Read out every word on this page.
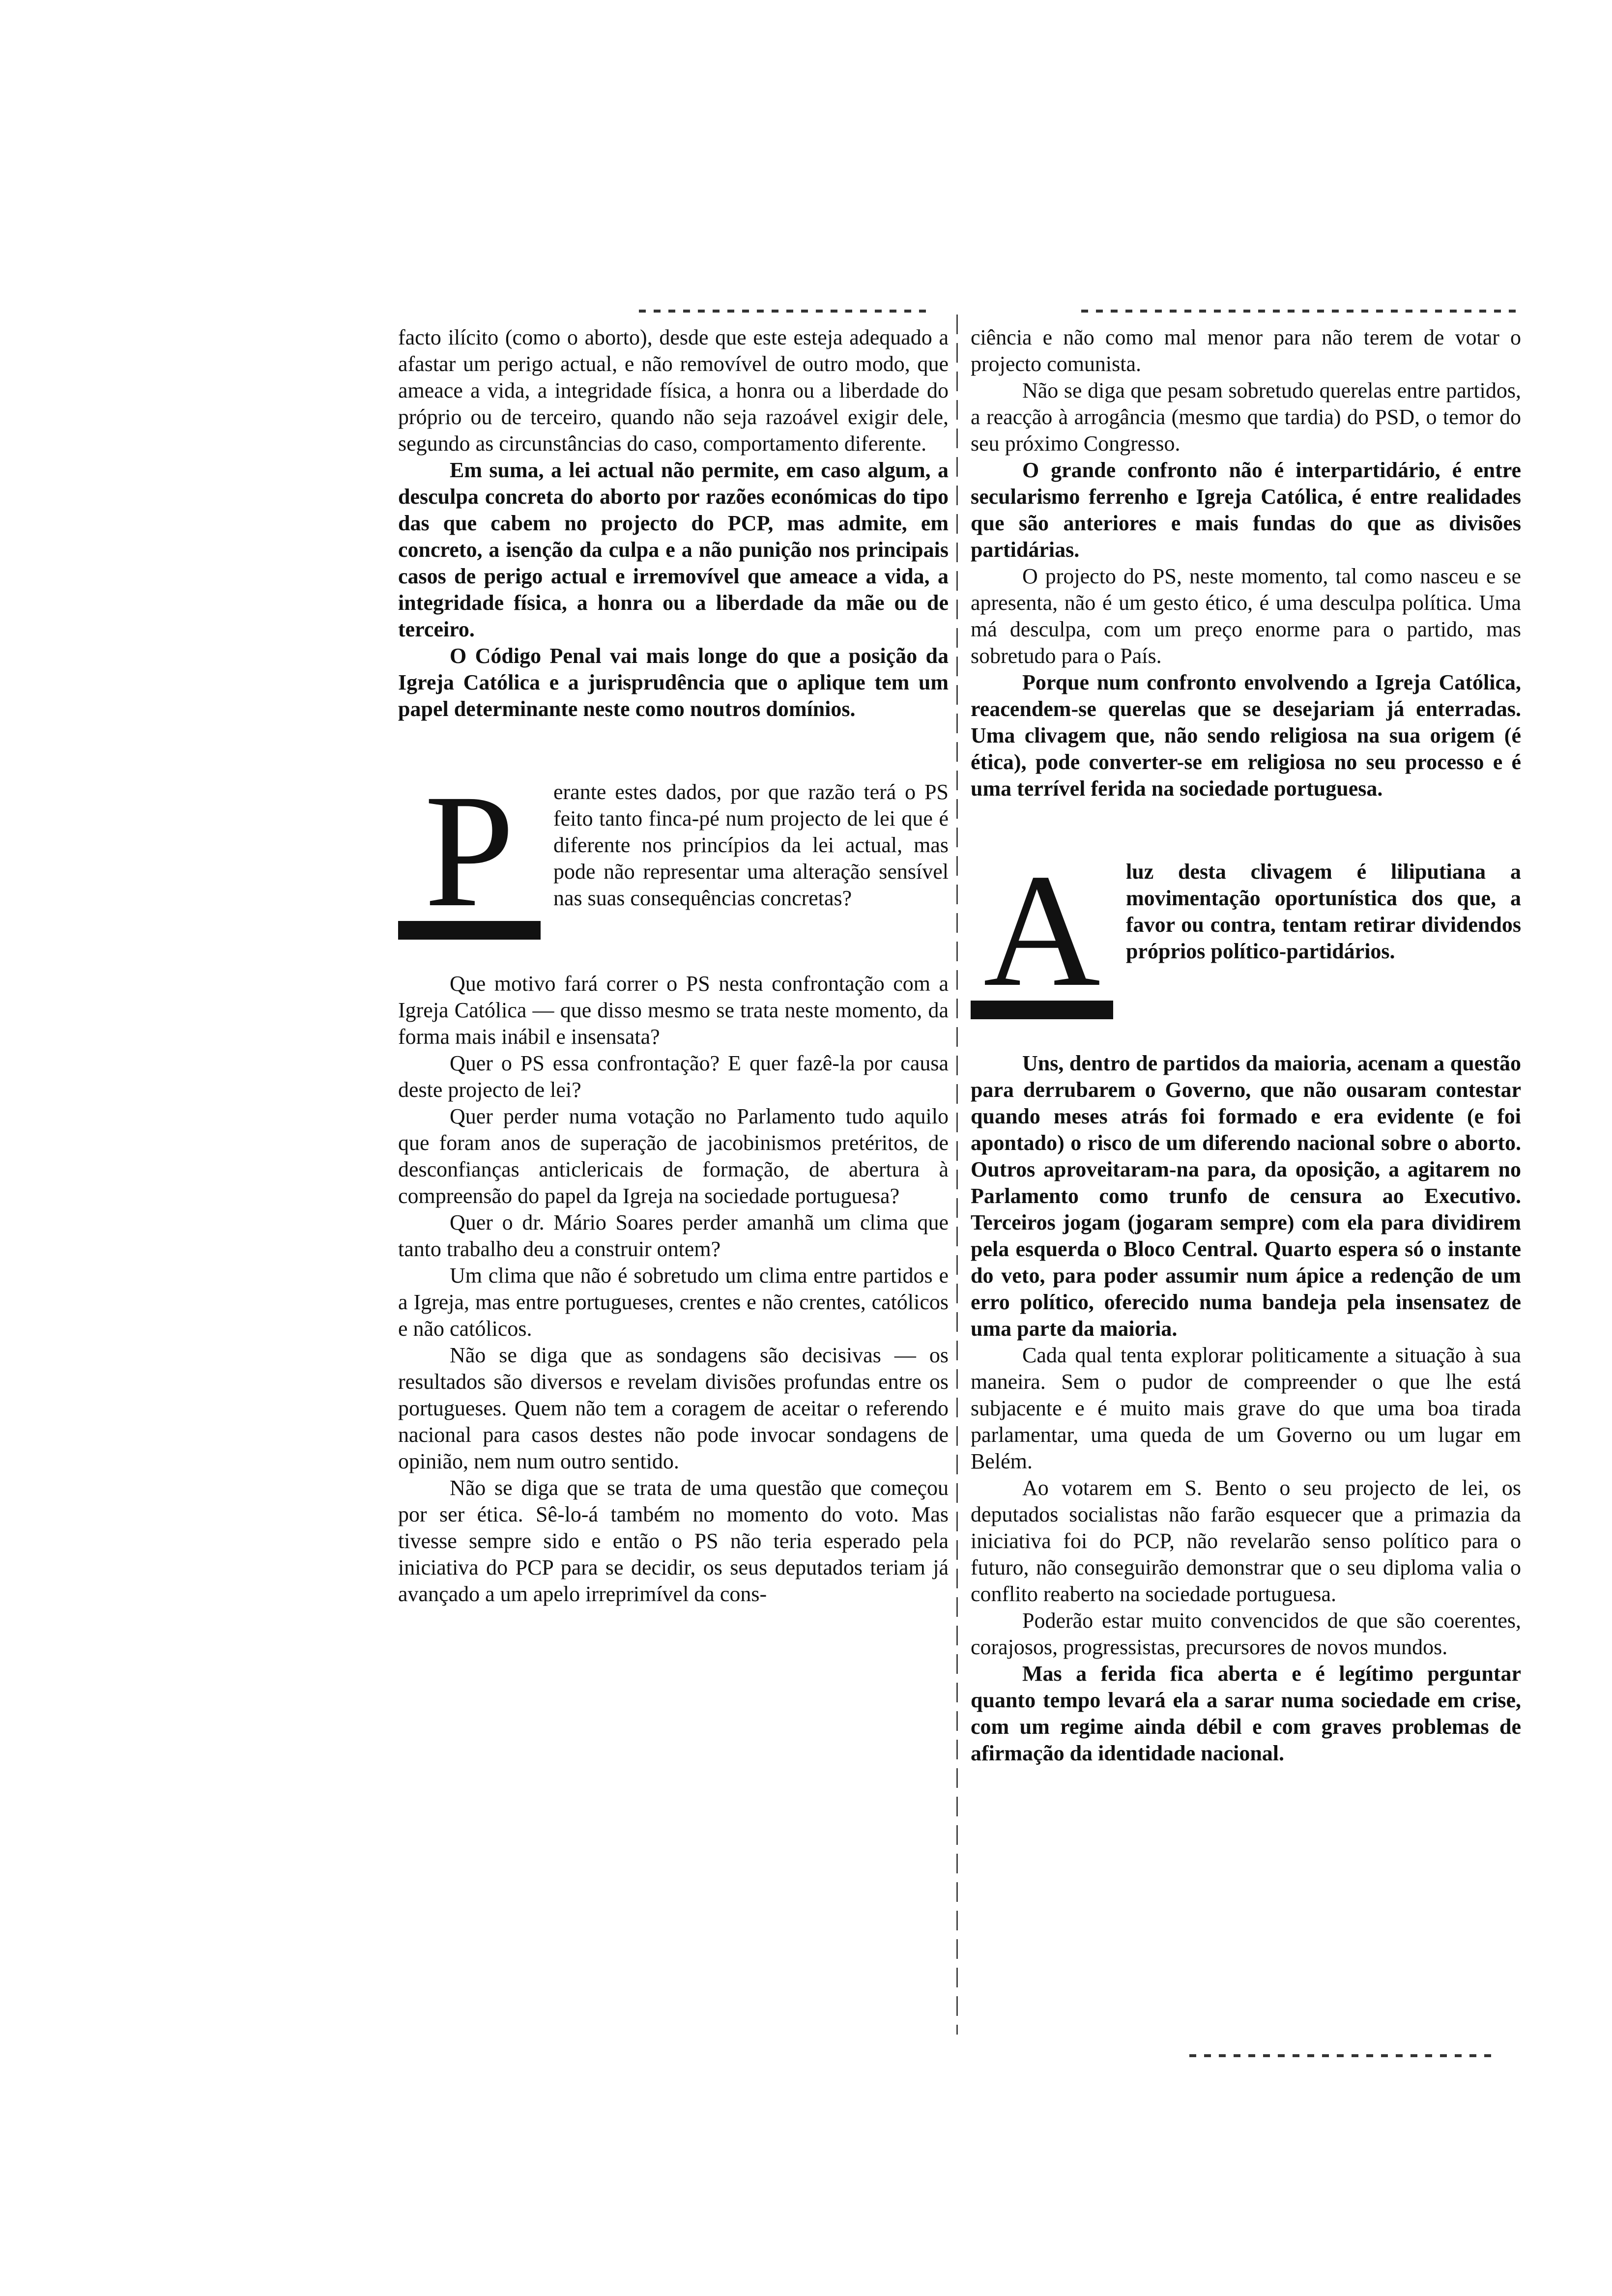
facto ilícito (como o aborto), desde que este esteja adequado a afastar um perigo actual, e não removível de outro modo, que ameace a vida, a integridade física, a honra ou a liberdade do próprio ou de terceiro, quando não seja razoável exigir dele, segundo as circunstâncias do caso, comportamento diferente.

Em suma, a lei actual não permite, em caso algum, a desculpa concreta do aborto por razões económicas do tipo das que cabem no projecto do PCP, mas admite, em concreto, a isenção da culpa e a não punição nos principais casos de perigo actual e irremovível que ameace a vida, a integridade física, a honra ou a liberdade da mãe ou de terceiro.

O Código Penal vai mais longe do que a posição da Igreja Católica e a jurisprudência que o aplique tem um papel determinante neste como noutros domínios.

P	erante estes dados, por que razão terá o PS feito tanto finca-pé num projecto de lei que é diferente nos princípios da lei actual, mas pode não representar uma alteração sensível nas suas consequências concretas?

Que motivo fará correr o PS nesta confrontação com a Igreja Católica — que disso mesmo se trata neste momento, da forma mais inábil e insensata?

Quer o PS essa confrontação? E quer fazê-la por causa deste projecto de lei?

Quer perder numa votação no Parlamento tudo aquilo que foram anos de superação de jacobinismos pretéritos, de desconfianças anticlericais de formação, de abertura à compreensão do papel da Igreja na sociedade portuguesa?

Quer o dr. Mário Soares perder amanhã um clima que tanto trabalho deu a construir ontem?

Um clima que não é sobretudo um clima entre partidos e a Igreja, mas entre portugueses, crentes e não crentes, católicos e não católicos.

Não se diga que as sondagens são decisivas — os resultados são diversos e revelam divisões profundas entre os portugueses. Quem não tem a coragem de aceitar o referendo nacional para casos destes não pode invocar sondagens de opinião, nem num outro sentido.

Não se diga que se trata de uma questão que começou por ser ética. Sê-lo-á também no momento do voto. Mas tivesse sempre sido e então o PS não teria esperado pela iniciativa do PCP para se decidir, os seus deputados teriam já avançado a um apelo irreprimível da cons-

ciência e não como mal menor para não terem de votar o projecto comunista.

Não se diga que pesam sobretudo querelas entre partidos, a reacção à arrogância (mesmo que tardia) do PSD, o temor do seu próximo Congresso.

O grande confronto não é interpartidário, é entre secularismo ferrenho e Igreja Católica, é entre realidades que são anteriores e mais fundas do que as divisões partidárias.

O projecto do PS, neste momento, tal como nasceu e se apresenta, não é um gesto ético, é uma desculpa política. Uma má desculpa, com um preço enorme para o partido, mas sobretudo para o País.

Porque num confronto envolvendo a Igreja Católica, reacendem-se querelas que se desejariam já enterradas. Uma clivagem que, não sendo religiosa na sua origem (é ética), pode converter-se em religiosa no seu processo e é uma terrível ferida na sociedade portuguesa.

A	luz desta clivagem é liliputiana a movimentação oportunística dos que, a favor ou contra, tentam retirar dividendos próprios político-partidários.

Uns, dentro de partidos da maioria, acenam a questão para derrubarem o Governo, que não ousaram contestar quando meses atrás foi formado e era evidente (e foi apontado) o risco de um diferendo nacional sobre o aborto. Outros aproveitaram-na para, da oposição, a agitarem no Parlamento como trunfo de censura ao Executivo. Terceiros jogam (jogaram sempre) com ela para dividirem pela esquerda o Bloco Central. Quarto espera só o instante do veto, para poder assumir num ápice a redenção de um erro político, oferecido numa bandeja pela insensatez de uma parte da maioria.

Cada qual tenta explorar politicamente a situação à sua maneira. Sem o pudor de compreender o que lhe está subjacente e é muito mais grave do que uma boa tirada parlamentar, uma queda de um Governo ou um lugar em Belém.

Ao votarem em S. Bento o seu projecto de lei, os deputados socialistas não farão esquecer que a primazia da iniciativa foi do PCP, não revelarão senso político para o futuro, não conseguirão demonstrar que o seu diploma valia o conflito reaberto na sociedade portuguesa.

Poderão estar muito convencidos de que são coerentes, corajosos, progressistas, precursores de novos mundos.

Mas a ferida fica aberta e é legítimo perguntar quanto tempo levará ela a sarar numa sociedade em crise, com um regime ainda débil e com graves problemas de afirmação da identidade nacional.
